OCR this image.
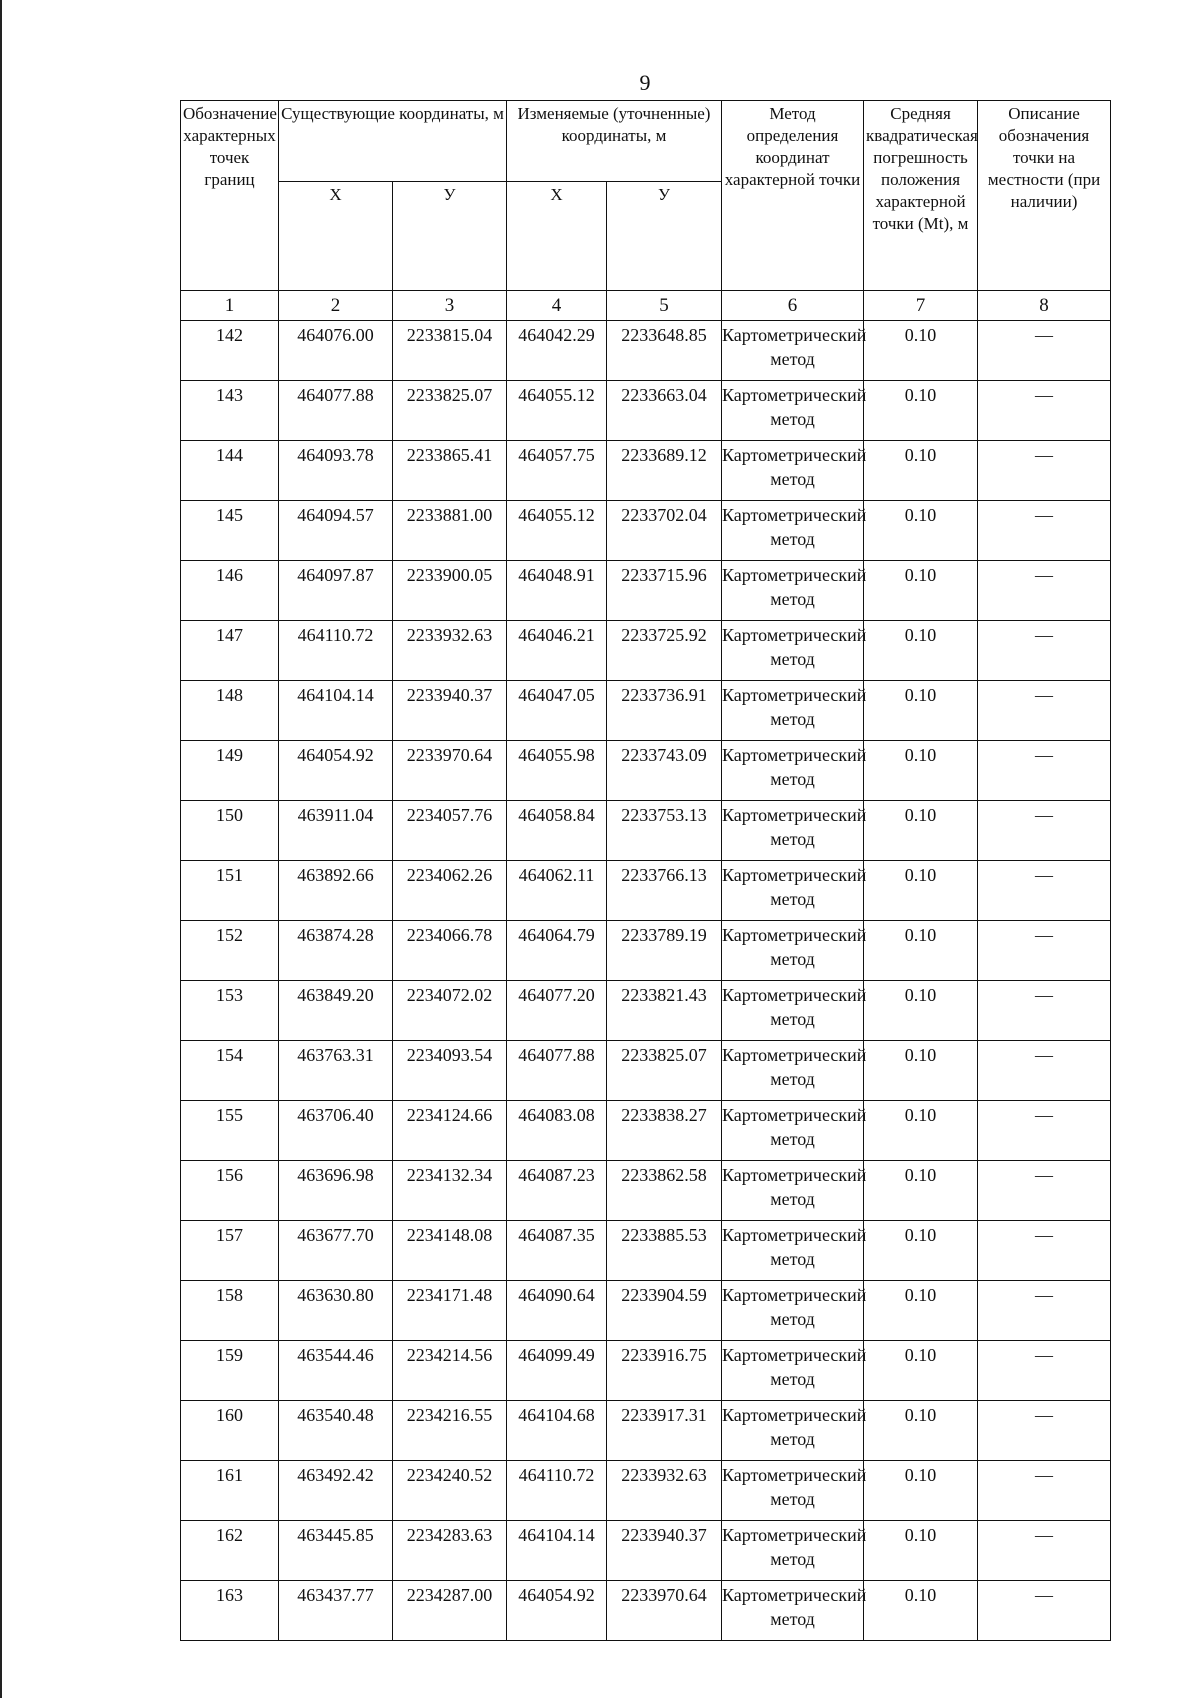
9
Обозначение характерных точек границ	Существующие координаты, м		Изменяемые (уточненные) координаты, м		Метод определения координат характерной точки	Средняя квадратическая погрешность положения характерной точки (Mt), м	Описание обозначения точки на местности (при наличии)
	Х	У	Х	У			
1	2	3	4	5	6	7	8
142	464076.00	2233815.04	464042.29	2233648.85	Картометрический метод	0.10	—
143	464077.88	2233825.07	464055.12	2233663.04	Картометрический метод	0.10	—
144	464093.78	2233865.41	464057.75	2233689.12	Картометрический метод	0.10	—
145	464094.57	2233881.00	464055.12	2233702.04	Картометрический метод	0.10	—
146	464097.87	2233900.05	464048.91	2233715.96	Картометрический метод	0.10	—
147	464110.72	2233932.63	464046.21	2233725.92	Картометрический метод	0.10	—
148	464104.14	2233940.37	464047.05	2233736.91	Картометрический метод	0.10	—
149	464054.92	2233970.64	464055.98	2233743.09	Картометрический метод	0.10	—
150	463911.04	2234057.76	464058.84	2233753.13	Картометрический метод	0.10	—
151	463892.66	2234062.26	464062.11	2233766.13	Картометрический метод	0.10	—
152	463874.28	2234066.78	464064.79	2233789.19	Картометрический метод	0.10	—
153	463849.20	2234072.02	464077.20	2233821.43	Картометрический метод	0.10	—
154	463763.31	2234093.54	464077.88	2233825.07	Картометрический метод	0.10	—
155	463706.40	2234124.66	464083.08	2233838.27	Картометрический метод	0.10	—
156	463696.98	2234132.34	464087.23	2233862.58	Картометрический метод	0.10	—
157	463677.70	2234148.08	464087.35	2233885.53	Картометрический метод	0.10	—
158	463630.80	2234171.48	464090.64	2233904.59	Картометрический метод	0.10	—
159	463544.46	2234214.56	464099.49	2233916.75	Картометрический метод	0.10	—
160	463540.48	2234216.55	464104.68	2233917.31	Картометрический метод	0.10	—
161	463492.42	2234240.52	464110.72	2233932.63	Картометрический метод	0.10	—
162	463445.85	2234283.63	464104.14	2233940.37	Картометрический метод	0.10	—
163	463437.77	2234287.00	464054.92	2233970.64	Картометрический метод	0.10	—
